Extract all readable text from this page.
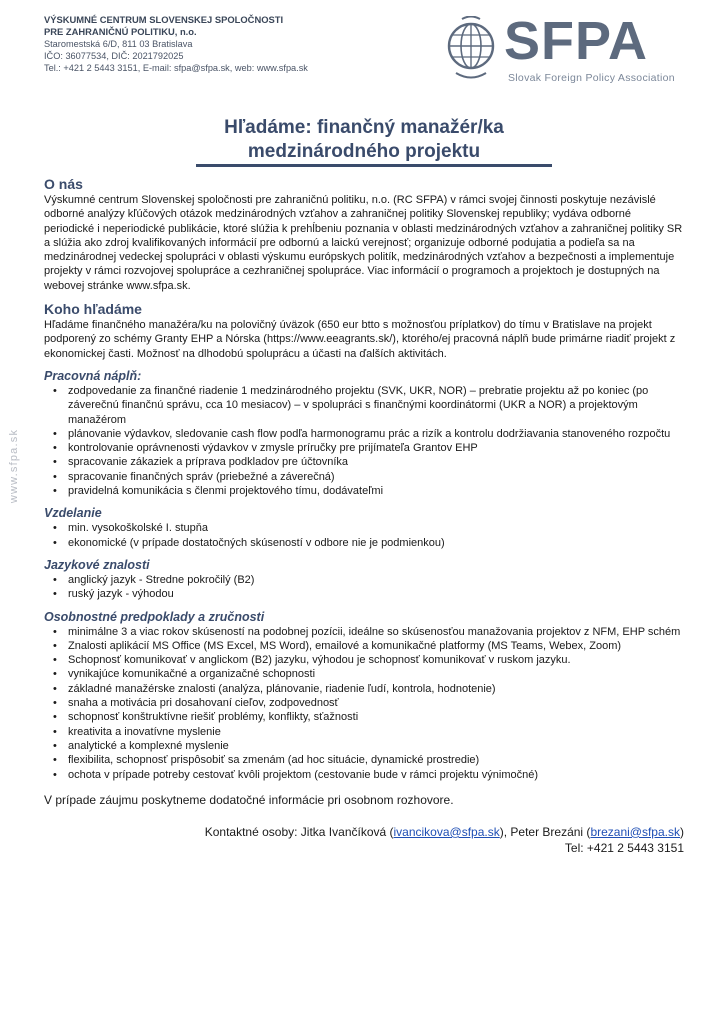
VÝSKUMNÉ CENTRUM SLOVENSKEJ SPOLOČNOSTI
PRE ZAHRANIČNÚ POLITIKU, n.o.
Staromestská 6/D, 811 03 Bratislava
IČO: 36077534, DIČ: 2021792025
Tel.: +421 2 5443 3151, E-mail: sfpa@sfpa.sk, web: www.sfpa.sk	SFPA
Slovak Foreign Policy Association
www.sfpa.sk
Hľadáme: finančný manažér/ka
medzinárodného projektu
O nás

Výskumné centrum Slovenskej spoločnosti pre zahraničnú politiku, n.o. (RC SFPA) v rámci svojej činnosti poskytuje nezávislé odborné analýzy kľúčových otázok medzinárodných vzťahov a zahraničnej politiky Slovenskej republiky; vydáva odborné periodické i neperiodické publikácie, ktoré slúžia k prehĺbeniu poznania v oblasti medzinárodných vzťahov a zahraničnej politiky SR a slúžia ako zdroj kvalifikovaných informácií pre odbornú a laickú verejnosť; organizuje odborné podujatia a podieľa sa na medzinárodnej vedeckej spolupráci v oblasti výskumu európskych politík, medzinárodných vzťahov a bezpečnosti a implementuje projekty v rámci rozvojovej spolupráce a cezhraničnej spolupráce. Viac informácií o programoch a projektoch je dostupných na webovej stránke www.sfpa.sk.

Koho hľadáme

Hľadáme finančného manažéra/ku na polovičný úväzok (650 eur btto s možnosťou príplatkov) do tímu v Bratislave na projekt podporený zo schémy Granty EHP a Nórska (https://www.eeagrants.sk/), ktorého/ej pracovná náplň bude primárne riadiť projekt z ekonomickej časti. Možnosť na dlhodobú spoluprácu a účasti na ďalších aktivitách.

Pracovná náplň:
• zodpovedanie za finančné riadenie 1 medzinárodného projektu (SVK, UKR, NOR) – prebratie projektu až po koniec (po záverečnú finančnú správu, cca 10 mesiacov) – v spolupráci s finančnými koordinátormi (UKR a NOR) a projektovým manažérom
• plánovanie výdavkov, sledovanie cash flow podľa harmonogramu prác a rizík a kontrolu dodržiavania stanoveného rozpočtu
• kontrolovanie oprávnenosti výdavkov v zmysle príručky pre prijímateľa Grantov EHP
• spracovanie zákaziek a príprava podkladov pre účtovníka
• spracovanie finančných správ (priebežné a záverečná)
• pravidelná komunikácia s členmi projektového tímu, dodávateľmi
Vzdelanie
• min. vysokoškolské I. stupňa
• ekonomické (v prípade dostatočných skúseností v odbore nie je podmienkou)
Jazykové znalosti
• anglický jazyk - Stredne pokročilý (B2)
• ruský jazyk - výhodou
Osobnostné predpoklady a zručnosti
• minimálne 3 a viac rokov skúseností na podobnej pozícii, ideálne so skúsenosťou manažovania projektov z NFM, EHP schém
• Znalosti aplikácií MS Office (MS Excel, MS Word), emailové a komunikačné platformy (MS Teams, Webex, Zoom)
• Schopnosť komunikovať v anglickom (B2) jazyku, výhodou je schopnosť komunikovať v ruskom jazyku.
• vynikajúce komunikačné a organizačné schopnosti
• základné manažérske znalosti (analýza, plánovanie, riadenie ľudí, kontrola, hodnotenie)
• snaha a motivácia pri dosahovaní cieľov, zodpovednosť
• schopnosť konštruktívne riešiť problémy, konflikty, sťažnosti
• kreativita a inovatívne myslenie
• analytické a komplexné myslenie
• flexibilita, schopnosť prispôsobiť sa zmenám (ad hoc situácie, dynamické prostredie)
• ochota v prípade potreby cestovať kvôli projektom (cestovanie bude v rámci projektu výnimočné)
V prípade záujmu poskytneme dodatočné informácie pri osobnom rozhovore.
Kontaktné osoby: Jitka Ivančíková (ivancikova@sfpa.sk), Peter Brezáni (brezani@sfpa.sk)
Tel: +421 2 5443 3151
